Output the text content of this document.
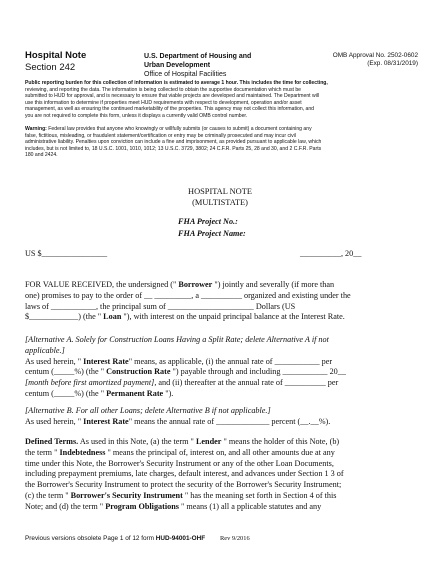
Hospital Note
Section 242
U.S. Department of Housing and
Urban Development
Office of Hospital Facilities
OMB Approval No. 2502-0602
(Exp. 08/31/2019)
Public reporting burden for this collection of information is estimated to average 1 hour. This includes the time for collecting,
reviewing, and reporting the data. The information is being collected to obtain the supportive documentation which must be
submitted to HUD for approval, and is necessary to ensure that viable projects are developed and maintained. The Department will
use this information to determine if properties meet HUD requirements with respect to development, operation and/or asset
management, as well as ensuring the continued marketability of the properties. This agency may not collect this information, and
you are not required to complete this form, unless it displays a currently valid OMB control number.
Warning: Federal law provides that anyone who knowingly or willfully submits (or causes to submit) a document containing any
false, fictitious, misleading, or fraudulent statement/certification or entry may be criminally prosecuted and may incur civil
administrative liability. Penalties upon conviction can include a fine and imprisonment, as provided pursuant to applicable law, which
includes, but is not limited to, 18 U.S.C. 1001, 1010, 1012; 13 U.S.C. 3729, 3802; 24 C.F.R. Parts 25, 28 and 30, and 2 C.F.R. Parts
180 and 2424.
HOSPITAL NOTE
(MULTISTATE)
FHA Project No.:
FHA Project Name:
US $________________	__________, 20__
FOR VALUE RECEIVED, the undersigned (" Borrower ") jointly and severally (if more than
one) promises to pay to the order of __ _________, a __________ organized and existing under the
laws of ___________, the principal sum of _____________________ Dollars (US
$____________) (the " Loan "), with interest on the unpaid principal balance at the Interest Rate.
[Alternative A. Solely for Construction Loans Having a Split Rate; delete Alternative A if not
applicable.]
As used herein, " Interest Rate" means, as applicable, (i) the annual rate of ___________ per
centum (_____%) (the " Construction Rate ") payable through and including ___________ 20__
[month before first amortized payment], and (ii) thereafter at the annual rate of __________ per
centum (_____%) (the " Permanent Rate ").
[Alternative B. For all other Loans; delete Alternative B if not applicable.]
As used herein, " Interest Rate" means the annual rate of _____________ percent (__.__%).
Defined Terms. As used in this Note, (a) the term " Lender " means the holder of this Note, (b)
the term " Indebtedness " means the principal of, interest on, and all other amounts due at any
time under this Note, the Borrower's Security Instrument or any of the other Loan Documents,
including prepayment premiums, late charges, default interest, and advances under Section 1 3 of
the Borrower's Security Instrument to protect the security of the Borrower's Security Instrument;
(c) the term " Borrower's Security Instrument " has the meaning set forth in Section 4 of this
Note; and (d) the term " Program Obligations " means (1) all a pplicable statutes and any
Previous versions obsolete Page 1 of 12 form HUD-94001-OHF Rev 9/2016
